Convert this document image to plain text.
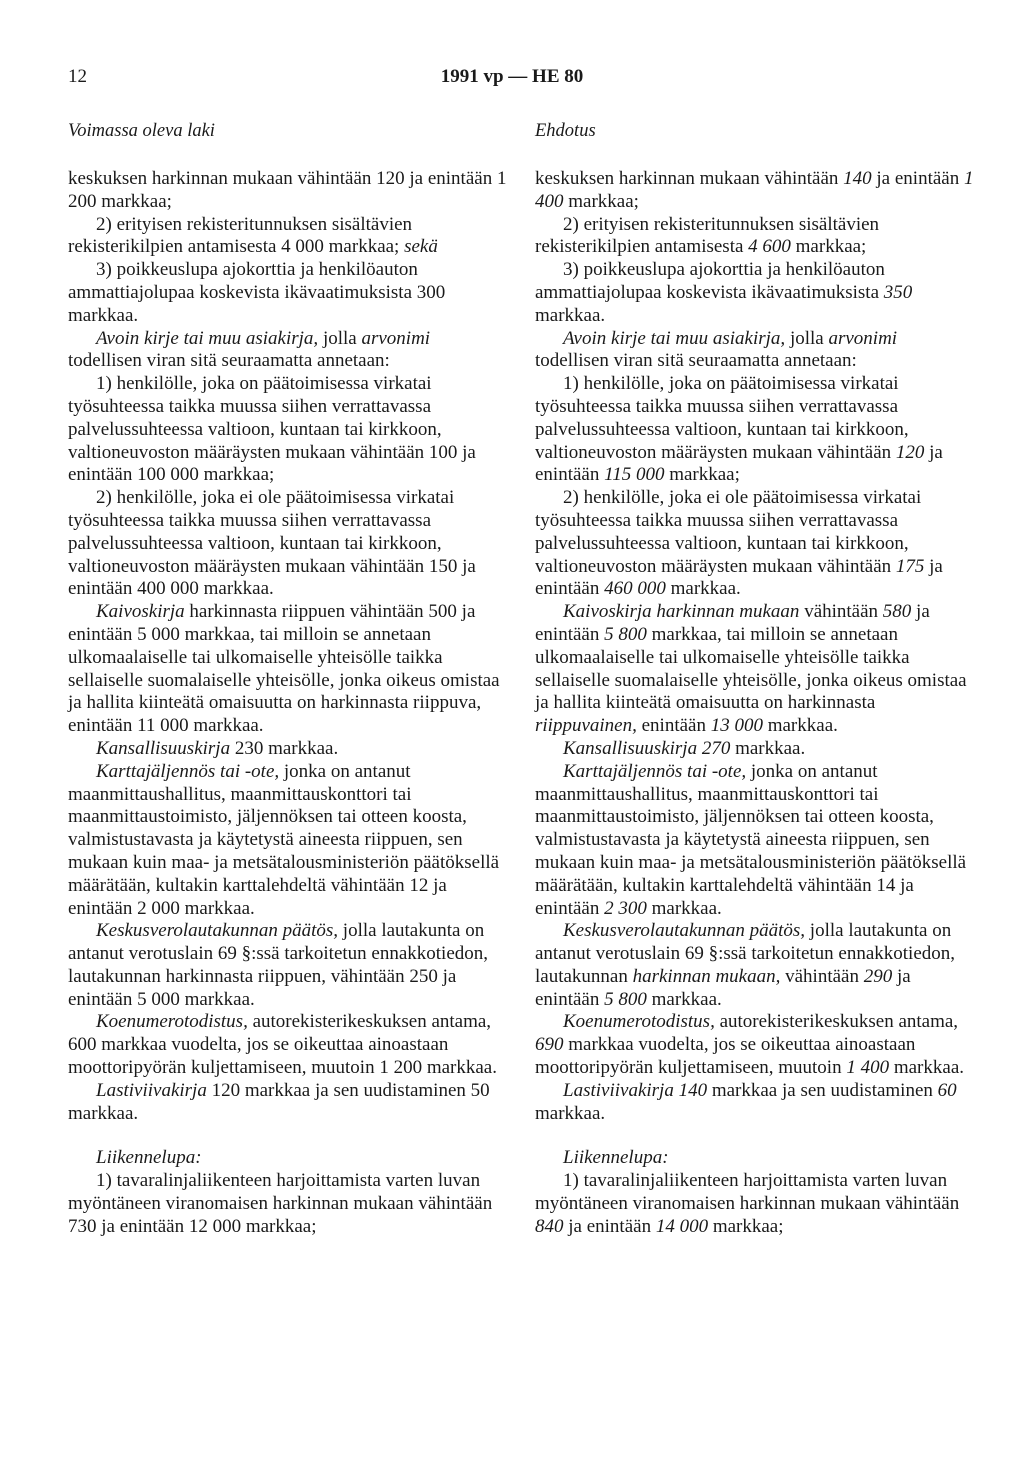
12	1991 vp — HE 80
Voimassa oleva laki	Ehdotus

keskuksen harkinnan mukaan vähintään 120 ja enintään 1 200 markkaa;

2) erityisen rekisteritunnuksen sisältävien rekisterikilpien antamisesta 4 000 markkaa; sekä

3) poikkeuslupa ajokorttia ja henkilöauton ammattiajolupaa koskevista ikävaatimuksista 300 markkaa.

Avoin kirje tai muu asiakirja, jolla arvonimi todellisen viran sitä seuraamatta annetaan:

1) henkilölle, joka on päätoimisessa virkatai työsuhteessa taikka muussa siihen verrattavassa palvelussuhteessa valtioon, kuntaan tai kirkkoon, valtioneuvoston määräysten mukaan vähintään 100 ja enintään 100 000 markkaa;

2) henkilölle, joka ei ole päätoimisessa virkatai työsuhteessa taikka muussa siihen verrattavassa palvelussuhteessa valtioon, kuntaan tai kirkkoon, valtioneuvoston määräysten mukaan vähintään 150 ja enintään 400 000 markkaa.

Kaivoskirja harkinnasta riippuen vähintään 500 ja enintään 5 000 markkaa, tai milloin se annetaan ulkomaalaiselle tai ulkomaiselle yhteisölle taikka sellaiselle suomalaiselle yhteisölle, jonka oikeus omistaa ja hallita kiinteätä omaisuutta on harkinnasta riippuva, enintään 11 000 markkaa.

Kansallisuuskirja 230 markkaa.

Karttajäljennös tai -ote, jonka on antanut maanmittaushallitus, maanmittauskonttori tai maanmittaustoimisto, jäljennöksen tai otteen koosta, valmistustavasta ja käytetystä aineesta riippuen, sen mukaan kuin maa- ja metsätalousministeriön päätöksellä määrätään, kultakin karttalehdeltä vähintään 12 ja enintään 2 000 markkaa.

Keskusverolautakunnan päätös, jolla lautakunta on antanut verotuslain 69 §:ssä tarkoitetun ennakkotiedon, lautakunnan harkinnasta riippuen, vähintään 250 ja enintään 5 000 markkaa.

Koenumerotodistus, autorekisterikeskuksen antama, 600 markkaa vuodelta, jos se oikeuttaa ainoastaan moottoripyörän kuljettamiseen, muutoin 1 200 markkaa.

Lastiviivakirja 120 markkaa ja sen uudistaminen 50 markkaa.

Liikennelupa:

1) tavaralinjaliikenteen harjoittamista varten luvan myöntäneen viranomaisen harkinnan mukaan vähintään 730 ja enintään 12 000 markkaa;

keskuksen harkinnan mukaan vähintään 140 ja enintään 1 400 markkaa;

2) erityisen rekisteritunnuksen sisältävien rekisterikilpien antamisesta 4 600 markkaa;

3) poikkeuslupa ajokorttia ja henkilöauton ammattiajolupaa koskevista ikävaatimuksista 350 markkaa.

Avoin kirje tai muu asiakirja, jolla arvonimi todellisen viran sitä seuraamatta annetaan:

1) henkilölle, joka on päätoimisessa virkatai työsuhteessa taikka muussa siihen verrattavassa palvelussuhteessa valtioon, kuntaan tai kirkkoon, valtioneuvoston määräysten mukaan vähintään 120 ja enintään 115 000 markkaa;

2) henkilölle, joka ei ole päätoimisessa virkatai työsuhteessa taikka muussa siihen verrattavassa palvelussuhteessa valtioon, kuntaan tai kirkkoon, valtioneuvoston määräysten mukaan vähintään 175 ja enintään 460 000 markkaa.

Kaivoskirja harkinnan mukaan vähintään 580 ja enintään 5 800 markkaa, tai milloin se annetaan ulkomaalaiselle tai ulkomaiselle yhteisölle taikka sellaiselle suomalaiselle yhteisölle, jonka oikeus omistaa ja hallita kiinteätä omaisuutta on harkinnasta riippuvainen, enintään 13 000 markkaa.

Kansallisuuskirja 270 markkaa.

Karttajäljennös tai -ote, jonka on antanut maanmittaushallitus, maanmittauskonttori tai maanmittaustoimisto, jäljennöksen tai otteen koosta, valmistustavasta ja käytetystä aineesta riippuen, sen mukaan kuin maa- ja metsätalousministeriön päätöksellä määrätään, kultakin karttalehdeltä vähintään 14 ja enintään 2 300 markkaa.

Keskusverolautakunnan päätös, jolla lautakunta on antanut verotuslain 69 §:ssä tarkoitetun ennakkotiedon, lautakunnan harkinnan mukaan, vähintään 290 ja enintään 5 800 markkaa.

Koenumerotodistus, autorekisterikeskuksen antama, 690 markkaa vuodelta, jos se oikeuttaa ainoastaan moottoripyörän kuljettamiseen, muutoin 1 400 markkaa.

Lastiviivakirja 140 markkaa ja sen uudistaminen 60 markkaa.

Liikennelupa:

1) tavaralinjaliikenteen harjoittamista varten luvan myöntäneen viranomaisen harkinnan mukaan vähintään 840 ja enintään 14 000 markkaa;
